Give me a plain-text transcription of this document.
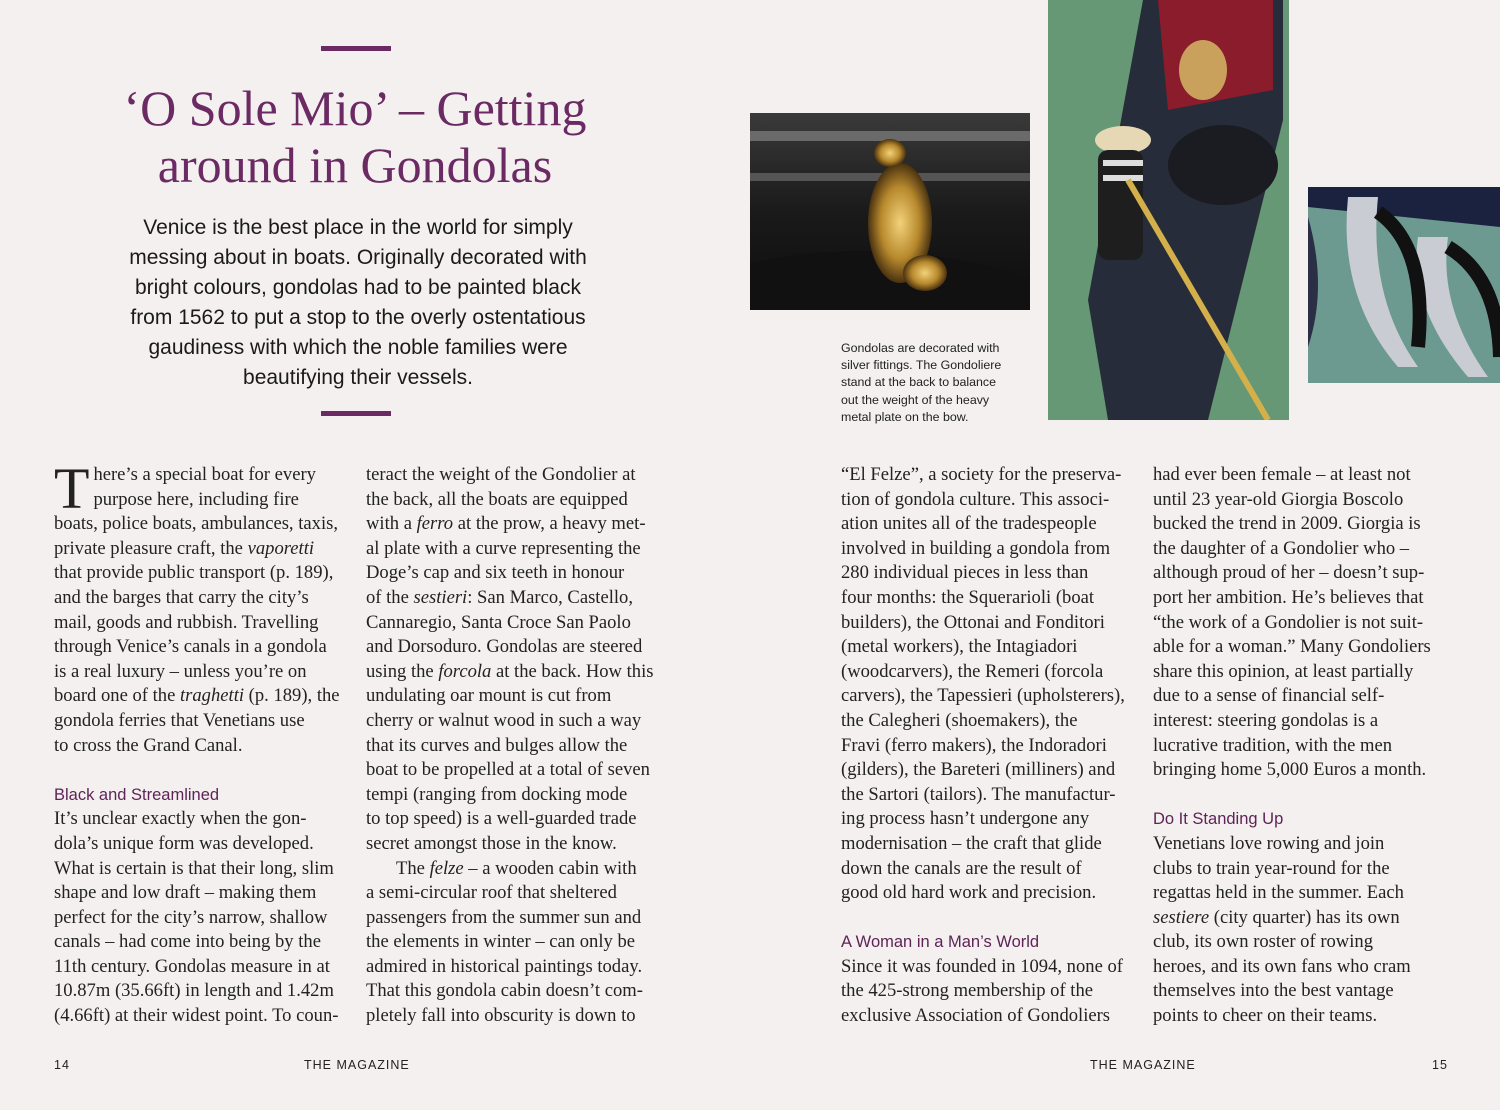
‘O Sole Mio’ – Getting
around in Gondolas
Venice is the best place in the world for simply
messing about in boats. Originally decorated with
bright colours, gondolas had to be painted black
from 1562 to put a stop to the overly ostentatious
gaudiness with which the noble families were
beautifying their vessels.
T here’s a special boat for every
purpose here, including fire
boats, police boats, ambulances, taxis,
private pleasure craft, the vaporetti
that provide public transport (p. 189),
and the barges that carry the city’s
mail, goods and rubbish. Travelling
through Venice’s canals in a gondola
is a real luxury – unless you’re on
board one of the traghetti (p. 189), the
gondola ferries that Venetians use
to cross the Grand Canal.
Black and Streamlined
It’s unclear exactly when the gon-
dola’s unique form was developed.
What is certain is that their long, slim
shape and low draft – making them
perfect for the city’s narrow, shallow
canals – had come into being by the
11th century. Gondolas measure in at
10.87m (35.66ft) in length and 1.42m
(4.66ft) at their widest point. To coun-
teract the weight of the Gondolier at
the back, all the boats are equipped
with a ferro at the prow, a heavy met-
al plate with a curve representing the
Doge’s cap and six teeth in honour
of the sestieri: San Marco, Castello,
Cannaregio, Santa Croce San Paolo
and Dorsoduro. Gondolas are steered
using the forcola at the back. How this
undulating oar mount is cut from
cherry or walnut wood in such a way
that its curves and bulges allow the
boat to be propelled at a total of seven
tempi (ranging from docking mode
to top speed) is a well-guarded trade
secret amongst those in the know.
The felze – a wooden cabin with
a semi-circular roof that sheltered
passengers from the summer sun and
the elements in winter – can only be
admired in historical paintings today.
That this gondola cabin doesn’t com-
pletely fall into obscurity is down to
14	THE MAGAZINE
Gondolas are decorated with
silver fittings. The Gondoliere
stand at the back to balance
out the weight of the heavy
metal plate on the bow.
“El Felze”, a society for the preserva-
tion of gondola culture. This associ-
ation unites all of the tradespeople
involved in building a gondola from
280 individual pieces in less than
four months: the Squerarioli (boat
builders), the Ottonai and Fonditori
(metal workers), the Intagiadori
(woodcarvers), the Remeri (forcola
carvers), the Tapessieri (upholsterers),
the Calegheri (shoemakers), the
Fravi (ferro makers), the Indoradori
(gilders), the Bareteri (milliners) and
the Sartori (tailors). The manufactur-
ing process hasn’t undergone any
modernisation – the craft that glide
down the canals are the result of
good old hard work and precision.
A Woman in a Man’s World
Since it was founded in 1094, none of
the 425-strong membership of the
exclusive Association of Gondoliers
had ever been female – at least not
until 23 year-old Giorgia Boscolo
bucked the trend in 2009. Giorgia is
the daughter of a Gondolier who –
although proud of her – doesn’t sup-
port her ambition. He’s believes that
“the work of a Gondolier is not suit-
able for a woman.” Many Gondoliers
share this opinion, at least partially
due to a sense of financial self-
interest: steering gondolas is a
lucrative tradition, with the men
bringing home 5,000 Euros a month.
Do It Standing Up
Venetians love rowing and join
clubs to train year-round for the
regattas held in the summer. Each
sestiere (city quarter) has its own
club, its own roster of rowing
heroes, and its own fans who cram
themselves into the best vantage
points to cheer on their teams.
THE MAGAZINE	15
